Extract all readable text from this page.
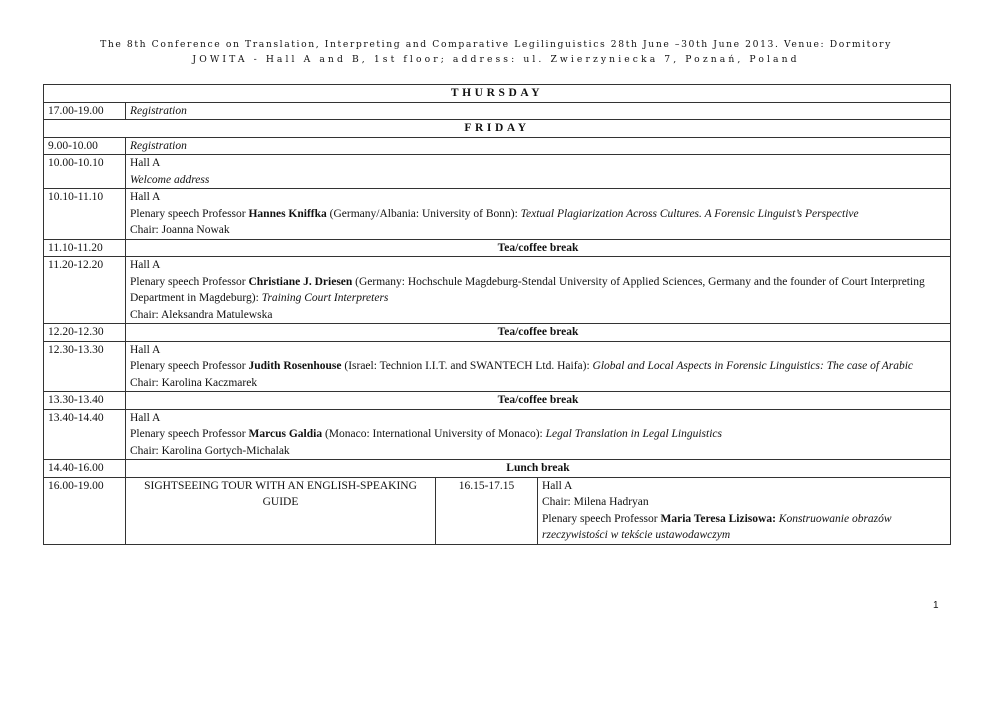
The 8th Conference on Translation, Interpreting and Comparative Legilinguistics 28th June –30th June 2013. Venue: Dormitory
JOWITA - Hall A and B, 1st floor; address: ul. Zwierzyniecka 7, Poznań, Poland
THURSDAY			
17.00-19.00	Registration		
FRIDAY			
9.00-10.00	Registration		
10.00-10.10	Hall A
Welcome address		

10.10-11.10	Hall A
Plenary speech Professor Hannes Kniffka (Germany/Albania: University of Bonn): Textual Plagiarization Across Cultures. A Forensic Linguist’s Perspective
Chair: Joanna Nowak		

11.10-11.20	Tea/coffee break		
11.20-12.20	Hall A
Plenary speech Professor Christiane J. Driesen (Germany: Hochschule Magdeburg-Stendal University of Applied Sciences, Germany and the founder of Court Interpreting Department in Magdeburg): Training Court Interpreters
Chair: Aleksandra Matulewska		

12.20-12.30	Tea/coffee break		
12.30-13.30	Hall A
Plenary speech Professor Judith Rosenhouse (Israel: Technion I.I.T. and SWANTECH Ltd. Haifa): Global and Local Aspects in Forensic Linguistics: The case of Arabic
Chair: Karolina Kaczmarek		

13.30-13.40	Tea/coffee break		
13.40-14.40	Hall A
Plenary speech Professor Marcus Galdia (Monaco: International University of Monaco): Legal Translation in Legal Linguistics
Chair: Karolina Gortych-Michalak		

14.40-16.00	Lunch break		
16.00-19.00	SIGHTSEEING TOUR WITH AN ENGLISH-SPEAKING GUIDE	16.15-17.15	Hall A
Chair: Milena Hadryan
Plenary speech Professor Maria Teresa Lizisowa: Konstruowanie obrazów rzeczywistości w tekście ustawodawczym
1
